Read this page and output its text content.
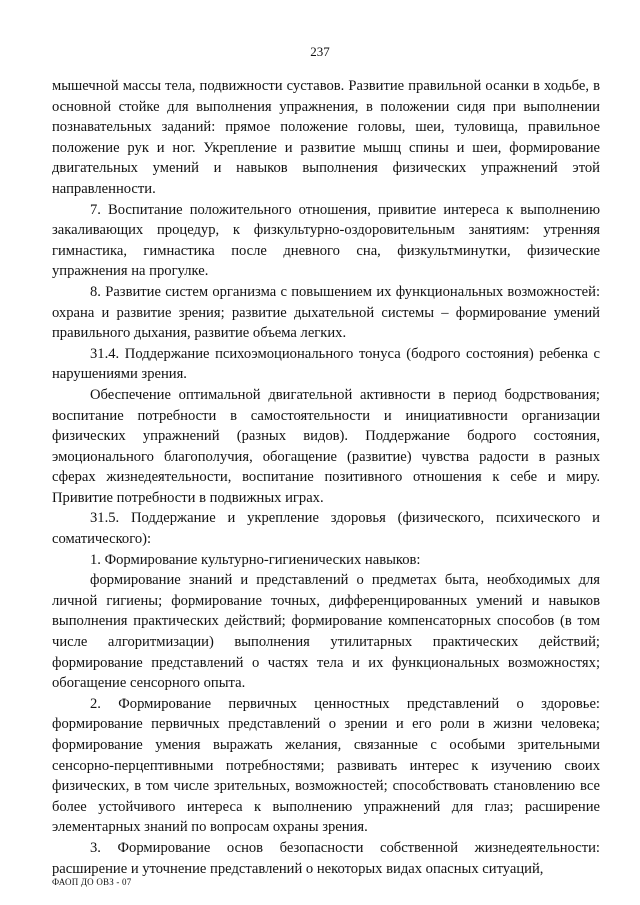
237

мышечной массы тела, подвижности суставов. Развитие правильной осанки в ходьбе, в основной стойке для выполнения упражнения, в положении сидя при выполнении познавательных заданий: прямое положение головы, шеи, туловища, правильное положение рук и ног. Укрепление и развитие мышц спины и шеи, формирование двигательных умений и навыков выполнения физических упражнений этой направленности.

7. Воспитание положительного отношения, привитие интереса к выполнению закаливающих процедур, к физкультурно-оздоровительным занятиям: утренняя гимнастика, гимнастика после дневного сна, физкультминутки, физические упражнения на прогулке.

8. Развитие систем организма с повышением их функциональных возможностей: охрана и развитие зрения; развитие дыхательной системы – формирование умений правильного дыхания, развитие объема легких.

31.4. Поддержание психоэмоционального тонуса (бодрого состояния) ребенка с нарушениями зрения.

Обеспечение оптимальной двигательной активности в период бодрствования; воспитание потребности в самостоятельности и инициативности организации физических упражнений (разных видов). Поддержание бодрого состояния, эмоционального благополучия, обогащение (развитие) чувства радости в разных сферах жизнедеятельности, воспитание позитивного отношения к себе и миру. Привитие потребности в подвижных играх.

31.5. Поддержание и укрепление здоровья (физического, психического и соматического):

1. Формирование культурно-гигиенических навыков:

формирование знаний и представлений о предметах быта, необходимых для личной гигиены; формирование точных, дифференцированных умений и навыков выполнения практических действий; формирование компенсаторных способов (в том числе алгоритмизации) выполнения утилитарных практических действий; формирование представлений о частях тела и их функциональных возможностях; обогащение сенсорного опыта.

2. Формирование первичных ценностных представлений о здоровье: формирование первичных представлений о зрении и его роли в жизни человека; формирование умения выражать желания, связанные с особыми зрительными сенсорно-перцептивными потребностями; развивать интерес к изучению своих физических, в том числе зрительных, возможностей; способствовать становлению все более устойчивого интереса к выполнению упражнений для глаз; расширение элементарных знаний по вопросам охраны зрения.

3. Формирование основ безопасности собственной жизнедеятельности: расширение и уточнение представлений о некоторых видах опасных ситуаций,

ФАОП ДО ОВЗ - 07
